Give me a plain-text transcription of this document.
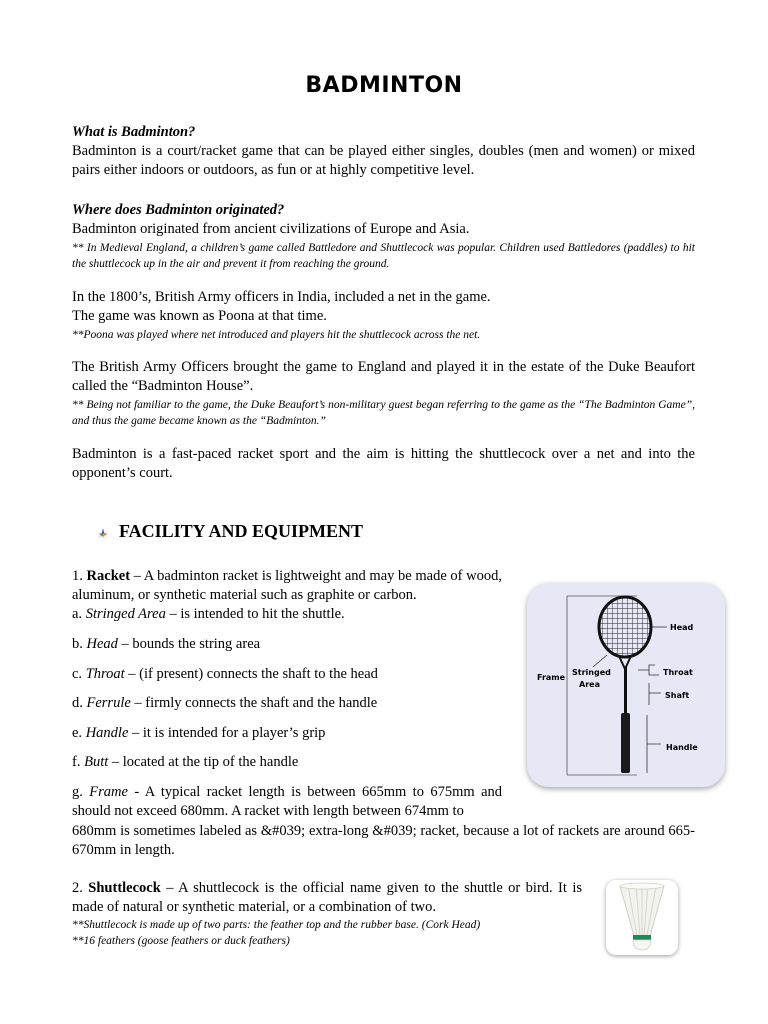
BADMINTON
What is Badminton?
Badminton is a court/racket game that can be played either singles, doubles (men and women) or mixed pairs either indoors or outdoors, as fun or at highly competitive level.
Where does Badminton originated?
Badminton originated from ancient civilizations of Europe and Asia.
** In Medieval England, a children’s game called Battledore and Shuttlecock was popular. Children used Battledores (paddles) to hit the shuttlecock up in the air and prevent it from reaching the ground.
In the 1800’s, British Army officers in India, included a net in the game.
The game was known as Poona at that time.
**Poona was played where net introduced and players hit the shuttlecock across the net.
The British Army Officers brought the game to England and played it in the estate of the Duke Beaufort called the “Badminton House”.
** Being not familiar to the game, the Duke Beaufort’s non-military guest began referring to the game as the “The Badminton Game”, and thus the game became known as the “Badminton.”
Badminton is a fast-paced racket sport and the aim is hitting the shuttlecock over a net and into the opponent’s court.
FACILITY AND EQUIPMENT
1. Racket – A badminton racket is lightweight and may be made of wood, aluminum, or synthetic material such as graphite or carbon.
a. Stringed Area – is intended to hit the shuttle.
b. Head – bounds the string area
c. Throat – (if present) connects the shaft to the head
d. Ferrule – firmly connects the shaft and the handle
e. Handle – it is intended for a player’s grip
f. Butt – located at the tip of the handle
g. Frame - A typical racket length is between 665mm to 675mm and should not exceed 680mm. A racket with length between 674mm to
680mm is sometimes labeled as &#039; extra-long &#039; racket, because a lot of rackets are around 665-670mm in length.
Head
Throat
Shaft
Handle
Frame
Stringed
Area
2. Shuttlecock – A shuttlecock is the official name given to the shuttle or bird. It is made of natural or synthetic material, or a combination of two.
**Shuttlecock is made up of two parts: the feather top and the rubber base. (Cork Head)
**16 feathers (goose feathers or duck feathers)
